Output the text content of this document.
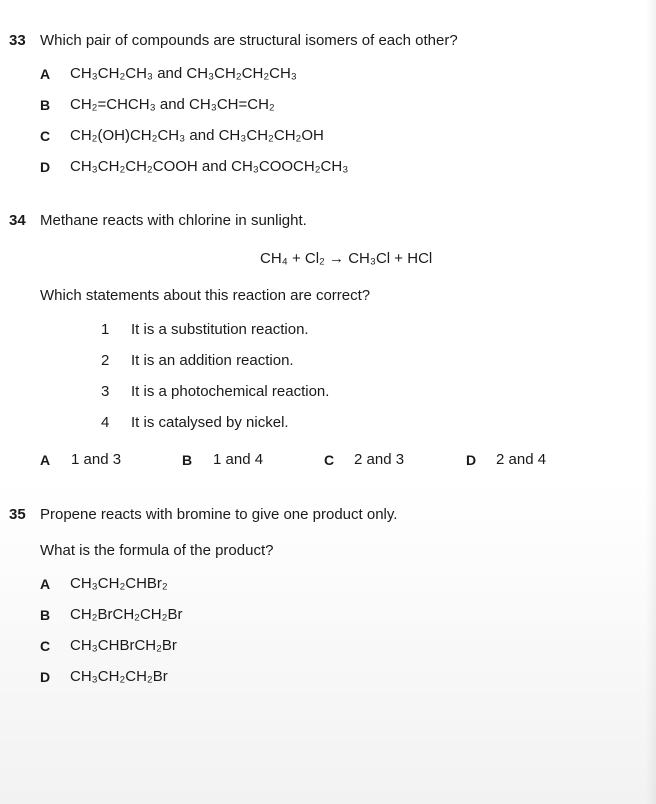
33 Which pair of compounds are structural isomers of each other?
A CH₃CH₂CH₃ and CH₃CH₂CH₂CH₃
B CH₂=CHCH₃ and CH₃CH=CH₂
C CH₂(OH)CH₂CH₃ and CH₃CH₂CH₂OH
D CH₃CH₂CH₂COOH and CH₃COOCH₂CH₃
34 Methane reacts with chlorine in sunlight.
CH₄ + Cl₂ → CH₃Cl + HCl
Which statements about this reaction are correct?
1 It is a substitution reaction.
2 It is an addition reaction.
3 It is a photochemical reaction.
4 It is catalysed by nickel.
A 1 and 3	B 1 and 4	C 2 and 3	D 2 and 4
35 Propene reacts with bromine to give one product only.
What is the formula of the product?
A CH₃CH₂CHBr₂
B CH₂BrCH₂CH₂Br
C CH₃CHBrCH₂Br
D CH₃CH₂CH₂Br
